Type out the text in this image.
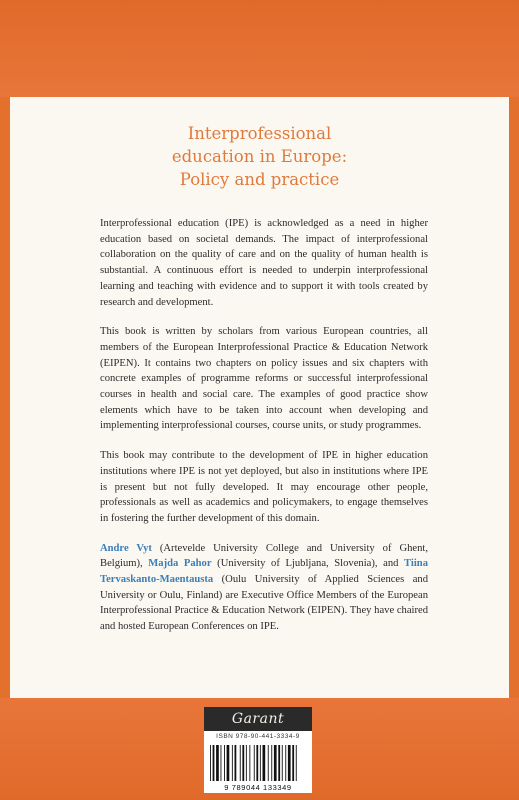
Interprofessional
education in Europe:
Policy and practice

Interprofessional education (IPE) is acknowledged as a need in higher education based on societal demands. The impact of interprofessional collaboration on the quality of care and on the quality of human health is substantial. A continuous effort is needed to underpin interprofessional learning and teaching with evidence and to support it with tools created by research and development.

This book is written by scholars from various European countries, all members of the European Interprofessional Practice & Education Network (EIPEN). It contains two chapters on policy issues and six chapters with concrete examples of programme reforms or successful interprofessional courses in health and social care. The examples of good practice show elements which have to be taken into account when developing and implementing interprofessional courses, course units, or study programmes.

This book may contribute to the development of IPE in higher education institutions where IPE is not yet deployed, but also in institutions where IPE is present but not fully developed. It may encourage other people, professionals as well as academics and policymakers, to engage themselves in fostering the further development of this domain.

Andre Vyt (Artevelde University College and University of Ghent, Belgium), Majda Pahor (University of Ljubljana, Slovenia), and Tiina Tervaskanto-Maentausta (Oulu University of Applied Sciences and University or Oulu, Finland) are Executive Office Members of the European Interprofessional Practice & Education Network (EIPEN). They have chaired and hosted European Conferences on IPE.

Garant
ISBN 978-90-441-3334-9
9 789044 133349
